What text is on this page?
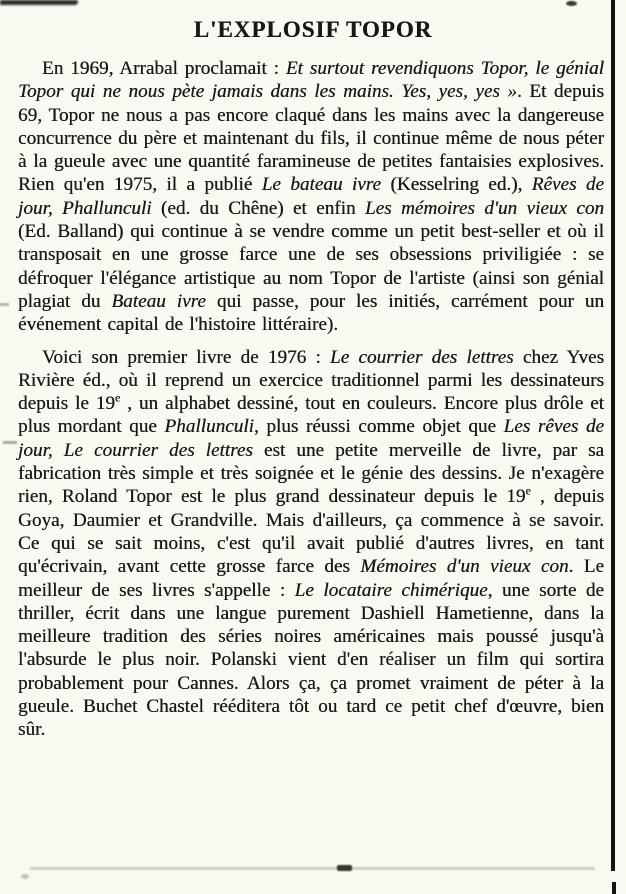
L'EXPLOSIF TOPOR

En 1969, Arrabal proclamait : Et surtout revendiquons Topor, le génial Topor qui ne nous pète jamais dans les mains. Yes, yes, yes ». Et depuis 69, Topor ne nous a pas encore claqué dans les mains avec la dangereuse concurrence du père et maintenant du fils, il continue même de nous péter à la gueule avec une quantité faramineuse de petites fantaisies explosives. Rien qu'en 1975, il a publié Le bateau ivre (Kesselring ed.), Rêves de jour, Phallunculi (ed. du Chêne) et enfin Les mémoires d'un vieux con (Ed. Balland) qui continue à se vendre comme un petit best-seller et où il transposait en une grosse farce une de ses obsessions priviligiée : se défroquer l'élégance artistique au nom Topor de l'artiste (ainsi son génial plagiat du Bateau ivre qui passe, pour les initiés, carrément pour un événement capital de l'histoire littéraire).

Voici son premier livre de 1976 : Le courrier des lettres chez Yves Rivière éd., où il reprend un exercice traditionnel parmi les dessinateurs depuis le 19e , un alphabet dessiné, tout en couleurs. Encore plus drôle et plus mordant que Phallunculi, plus réussi comme objet que Les rêves de jour, Le courrier des lettres est une petite merveille de livre, par sa fabrication très simple et très soignée et le génie des dessins. Je n'exagère rien, Roland Topor est le plus grand dessinateur depuis le 19e , depuis Goya, Daumier et Grandville. Mais d'ailleurs, ça commence à se savoir. Ce qui se sait moins, c'est qu'il avait publié d'autres livres, en tant qu'écrivain, avant cette grosse farce des Mémoires d'un vieux con. Le meilleur de ses livres s'appelle : Le locataire chimérique, une sorte de thriller, écrit dans une langue purement Dashiell Hametienne, dans la meilleure tradition des séries noires américaines mais poussé jusqu'à l'absurde le plus noir. Polanski vient d'en réaliser un film qui sortira probablement pour Cannes. Alors ça, ça promet vraiment de péter à la gueule. Buchet Chastel rééditera tôt ou tard ce petit chef d'œuvre, bien sûr.
